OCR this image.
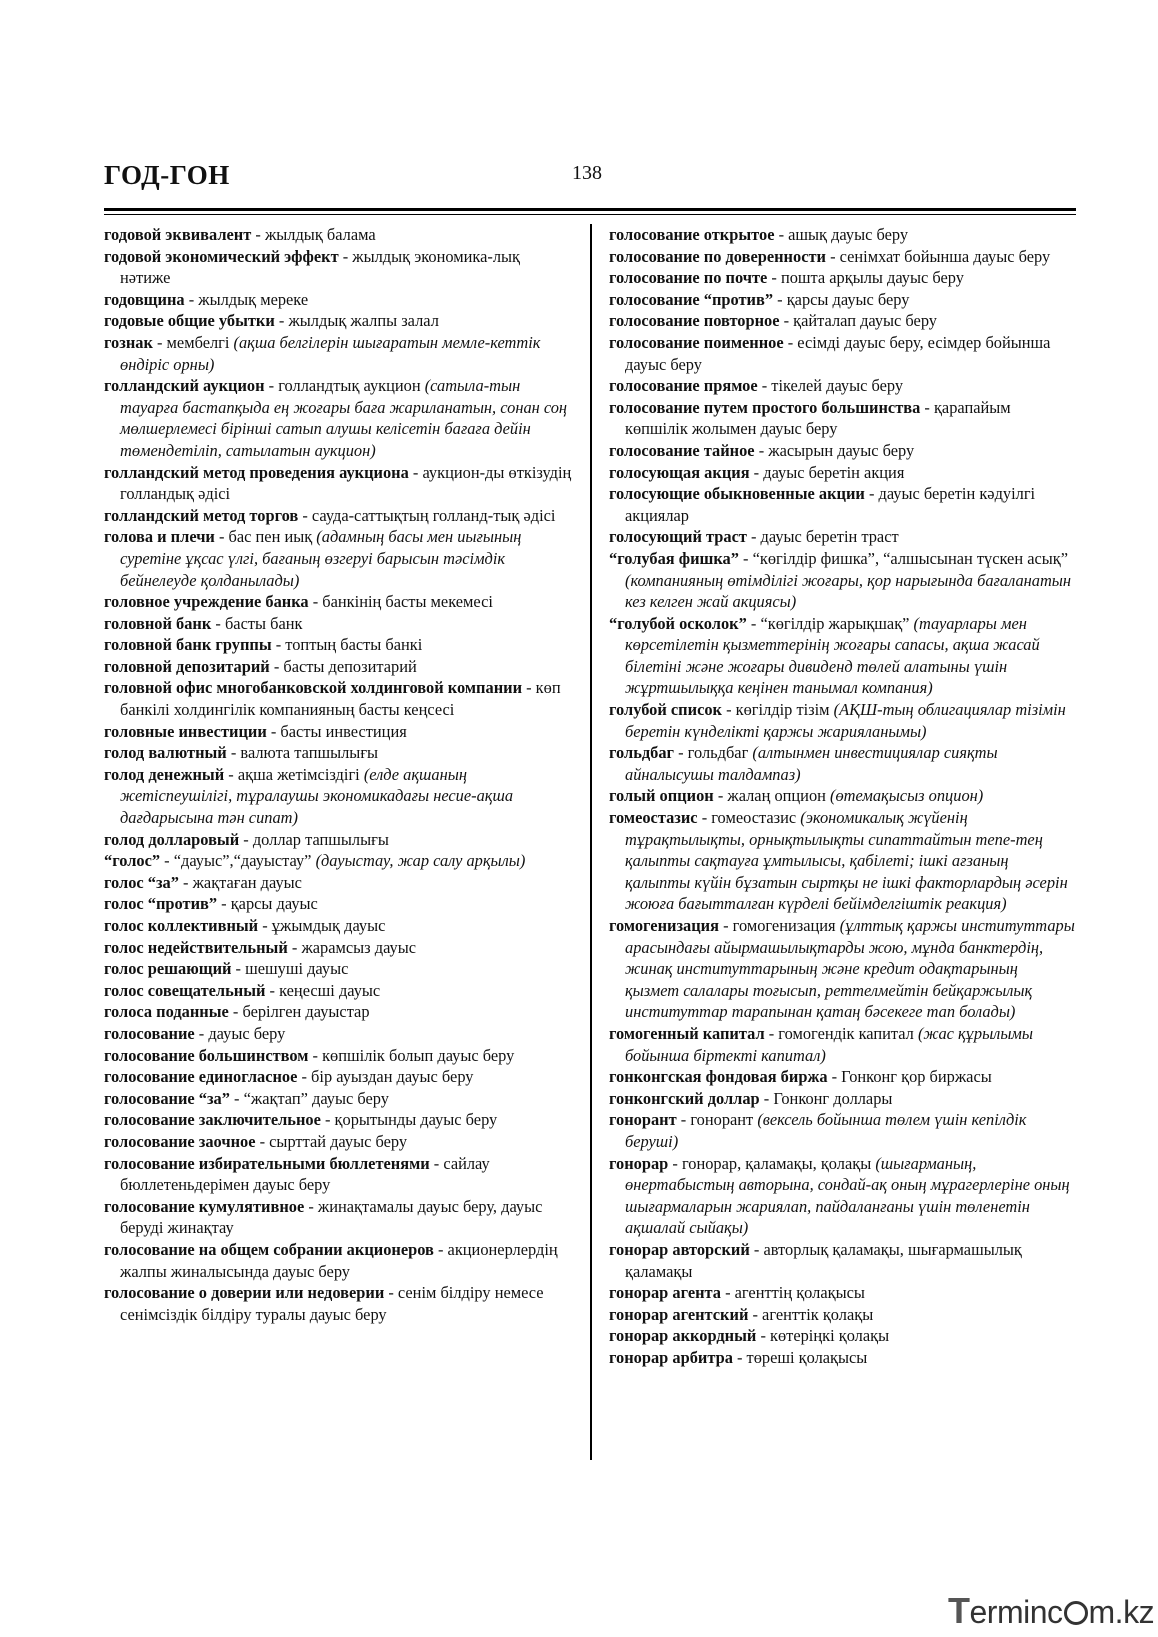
ГОД-ГОН	138

годовой эквивалент - жылдық балама

годовой экономический эффект - жылдық экономика-лық нәтиже

годовщина - жылдық мереке

годовые общие убытки - жылдық жалпы залал

гознак - мембелгі (ақша белгілерін шығаратын мемле-кеттік өндіріс орны)

голландский аукцион - голландтық аукцион (сатыла-тын тауарға бастапқыда ең жоғары баға жариланатын, сонан соң мөлшерлемесі бірінші сатып алушы келісетін бағаға дейін төмендетіліп, сатылатын аукцион)

голландский метод проведения аукциона - аукцион-ды өткізудің голландық әдісі

голландский метод торгов - сауда-саттықтың голланд-тық әдісі

голова и плечи - бас пен иық (адамның басы мен иығының суретіне ұқсас үлгі, бағаның өзгеруі барысын тәсімдік бейнелеуде қолданылады)

головное учреждение банка - банкінің басты мекемесі

головной банк - басты банк

головной банк группы - топтың басты банкі

головной депозитарий - басты депозитарий

головной офис многобанковской холдинговой компании - көп банкілі холдингілік компанияның басты кеңсесі

головные инвестиции - басты инвестиция

голод валютный - валюта тапшылығы

голод денежный - ақша жетімсіздігі (елде ақшаның жетіспеушілігі, тұралаушы экономикадағы несие-ақша дағдарысына тән сипат)

голод долларовый - доллар тапшылығы

“голос” - “дауыс”,“дауыстау” (дауыстау, жар салу арқылы)

голос “за” - жақтаған дауыс

голос “против” - қарсы дауыс

голос коллективный - ұжымдық дауыс

голос недействительный - жарамсыз дауыс

голос решающий - шешуші дауыс

голос совещательный - кеңесші дауыс

голоса поданные - берілген дауыстар

голосование - дауыс беру

голосование большинством - көпшілік болып дауыс беру

голосование единогласное - бір ауыздан дауыс беру

голосование “за” - “жақтап” дауыс беру

голосование заключительное - қорытынды дауыс беру

голосование заочное - сырттай дауыс беру

голосование избирательными бюллетенями - сайлау бюллетеньдерімен дауыс беру

голосование кумулятивное - жинақтамалы дауыс беру, дауыс беруді жинақтау

голосование на общем собрании акционеров - акционерлердің жалпы жиналысында дауыс беру

голосование о доверии или недоверии - сенім білдіру немесе сенімсіздік білдіру туралы дауыс беру

голосование открытое - ашық дауыс беру

голосование по доверенности - сенімхат бойынша дауыс беру

голосование по почте - пошта арқылы дауыс беру

голосование “против” - қарсы дауыс беру

голосование повторное - қайталап дауыс беру

голосование поименное - есімді дауыс беру, есімдер бойынша дауыс беру

голосование прямое - тікелей дауыс беру

голосование путем простого большинства - қарапайым көпшілік жолымен дауыс беру

голосование тайное - жасырын дауыс беру

голосующая акция - дауыс беретін акция

голосующие обыкновенные акции - дауыс беретін кәдуілгі акциялар

голосующий траст - дауыс беретін траст

“голубая фишка” - “көгілдір фишка”, “алшысынан түскен асық” (компанияның өтімділігі жоғары, қор нарығында бағаланатын кез келген жай акциясы)

“голубой осколок” - “көгілдір жарықшақ” (тауарлары мен көрсетілетін қызметтерінің жоғары сапасы, ақша жасай білетіні және жоғары дивиденд төлей алатыны үшін жұртшылыққа кеңінен танымал компания)

голубой список - көгілдір тізім (АҚШ-тың облигациялар тізімін беретін күнделікті қаржы жарияланымы)

гольдбаг - гольдбаг (алтынмен инвестициялар сияқты айналысушы талдампаз)

голый опцион - жалаң опцион (өтемақысыз опцион)

гомеостазис - гомеостазис (экономикалық жүйенің тұрақтылықты, орнықтылықты сипаттайтын тепе-тең қалыпты сақтауға ұмтылысы, қабілеті; ішкі ағзаның қалыпты күйін бұзатын сыртқы не ішкі факторлардың әсерін жоюға бағытталған күрделі бейімделгіштік реакция)

гомогенизация - гомогенизация (ұлттық қаржы институттары арасындағы айырмашылықтарды жою, мұнда банктердің, жинақ институттарының және кредит одақтарының қызмет салалары тоғысып, реттелмейтін бейқаржылық институттар тарапынан қатаң бәсекеге тап болады)

гомогенный капитал - гомогендік капитал (жас құрылымы бойынша біртекті капитал)

гонконгская фондовая биржа - Гонконг қор биржасы

гонконгский доллар - Гонконг доллары

гонорант - гонорант (вексель бойынша төлем үшін кепілдік беруші)

гонорар - гонорар, қаламақы, қолақы (шығарманың, өнертабыстың авторына, сондай-ақ оның мұрагерлеріне оның шығармаларын жариялап, пайдаланғаны үшін төленетін ақшалай сыйақы)

гонорар авторский - авторлық қаламақы, шығармашылық қаламақы

гонорар агента - агенттің қолақысы

гонорар агентский - агенттік қолақы

гонорар аккордный - көтеріңкі қолақы

гонорар арбитра - төреші қолақысы

Terminc m.kz
